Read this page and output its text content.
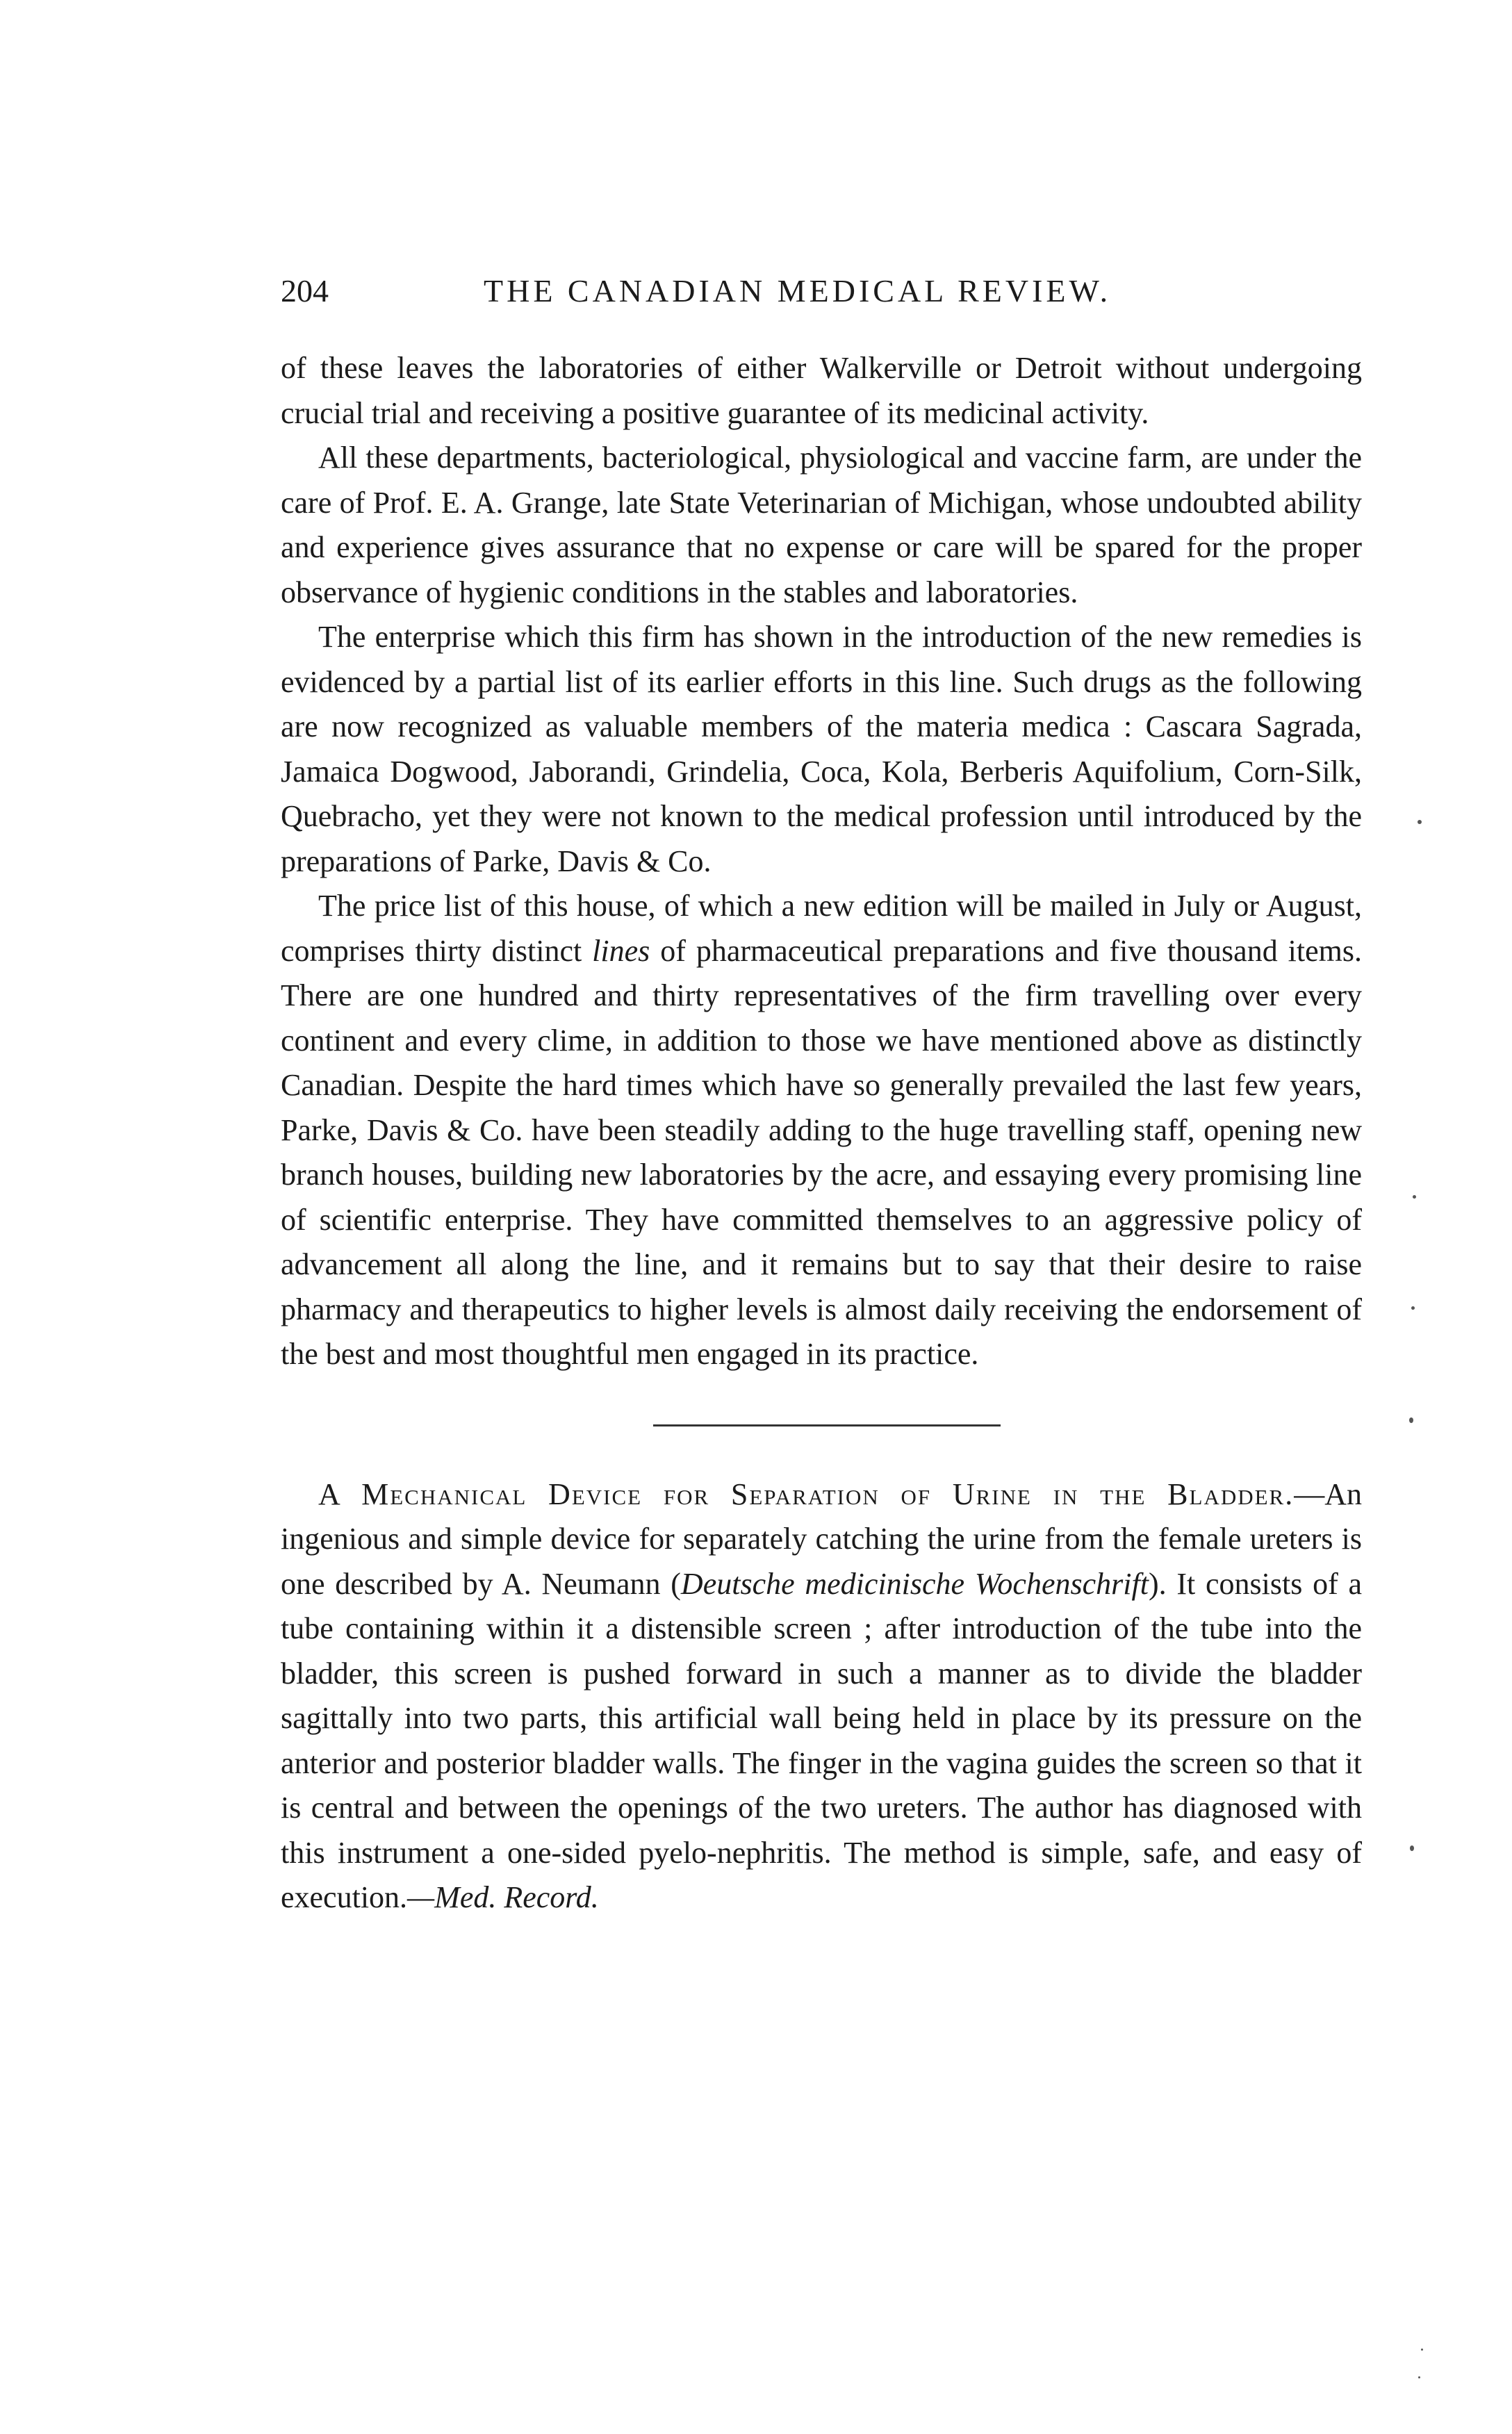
204	THE CANADIAN MEDICAL REVIEW.

of these leaves the laboratories of either Walkerville or Detroit without undergoing crucial trial and receiving a positive guarantee of its medicinal activity.

All these departments, bacteriological, physiological and vaccine farm, are under the care of Prof. E. A. Grange, late State Veterinarian of Michigan, whose undoubted ability and experience gives assurance that no expense or care will be spared for the proper observance of hygienic conditions in the stables and laboratories.

The enterprise which this firm has shown in the introduction of the new remedies is evidenced by a partial list of its earlier efforts in this line. Such drugs as the following are now recognized as valuable members of the materia medica : Cascara Sagrada, Jamaica Dogwood, Jaborandi, Grindelia, Coca, Kola, Berberis Aquifolium, Corn-Silk, Quebracho, yet they were not known to the medical profession until introduced by the preparations of Parke, Davis & Co.

The price list of this house, of which a new edition will be mailed in July or August, comprises thirty distinct lines of pharmaceutical preparations and five thousand items. There are one hundred and thirty representatives of the firm travelling over every continent and every clime, in addition to those we have mentioned above as distinctly Canadian. Despite the hard times which have so generally prevailed the last few years, Parke, Davis & Co. have been steadily adding to the huge travelling staff, opening new branch houses, building new laboratories by the acre, and essaying every promising line of scientific enterprise. They have committed themselves to an aggressive policy of advancement all along the line, and it remains but to say that their desire to raise pharmacy and therapeutics to higher levels is almost daily receiving the endorsement of the best and most thoughtful men engaged in its practice.

A Mechanical Device for Separation of Urine in the Bladder.—An ingenious and simple device for separately catching the urine from the female ureters is one described by A. Neumann (Deutsche medicinische Wochenschrift). It consists of a tube containing within it a distensible screen ; after introduction of the tube into the bladder, this screen is pushed forward in such a manner as to divide the bladder sagittally into two parts, this artificial wall being held in place by its pressure on the anterior and posterior bladder walls. The finger in the vagina guides the screen so that it is central and between the openings of the two ureters. The author has diagnosed with this instrument a one-sided pyelo-nephritis. The method is simple, safe, and easy of execution.—Med. Record.
